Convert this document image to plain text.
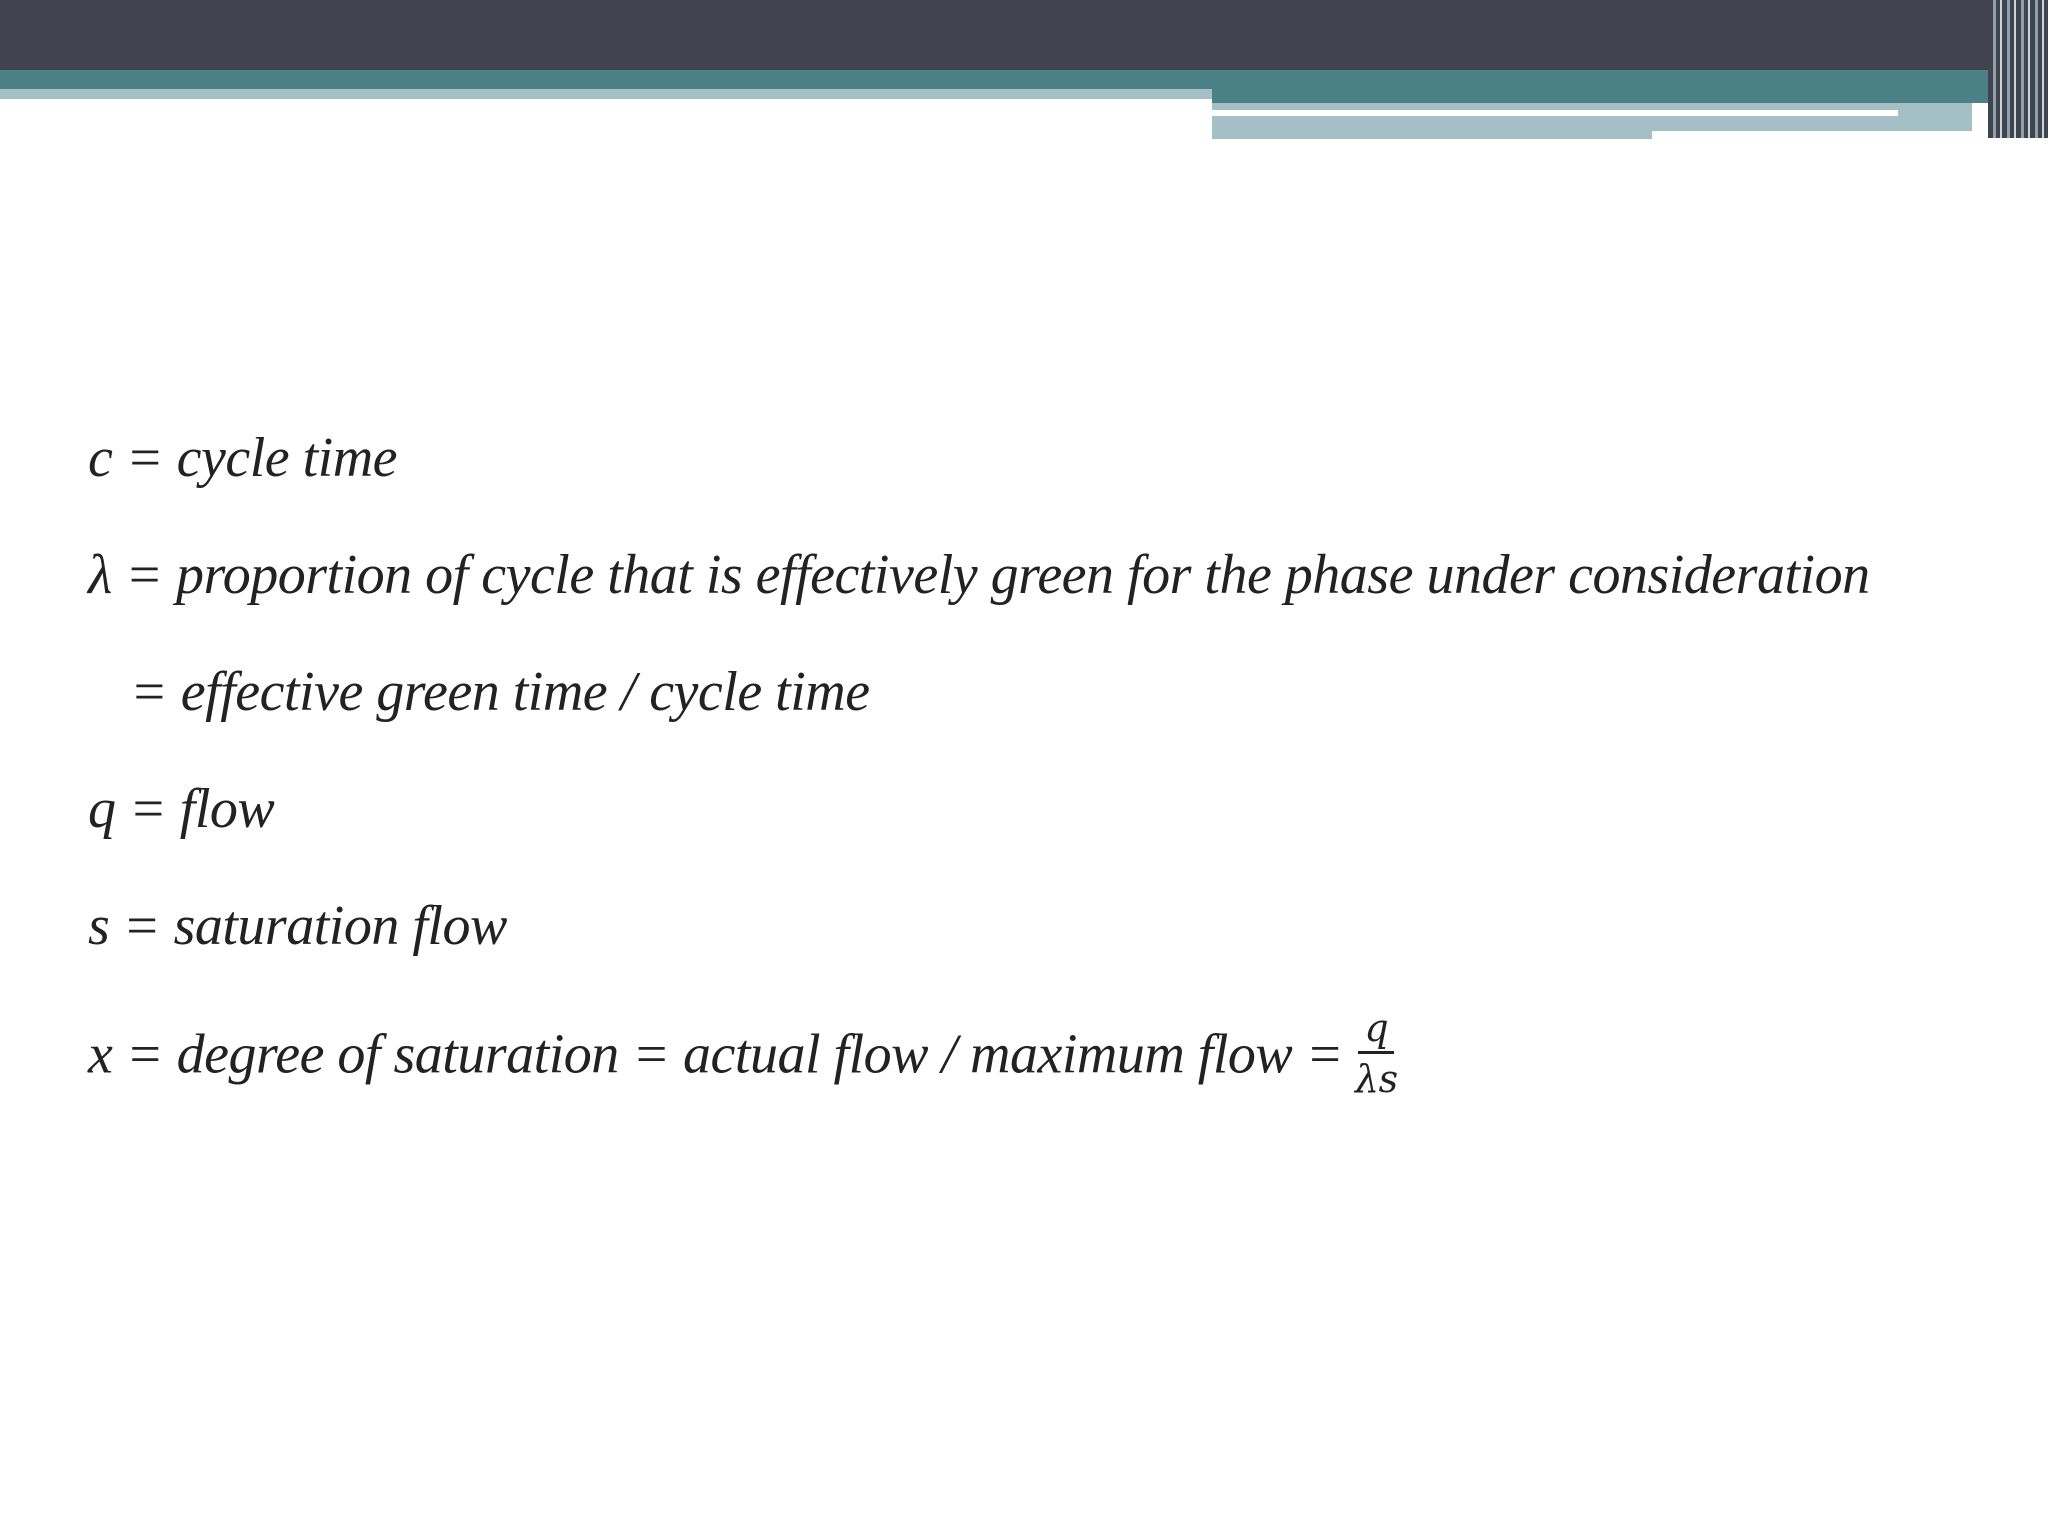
c = cycle time
λ = proportion of cycle that is effectively green for the phase under consideration
= effective green time / cycle time
q = flow
s = saturation flow
x = degree of saturation = actual flow / maximum flow = $\frac{q}{\lambda s}$
